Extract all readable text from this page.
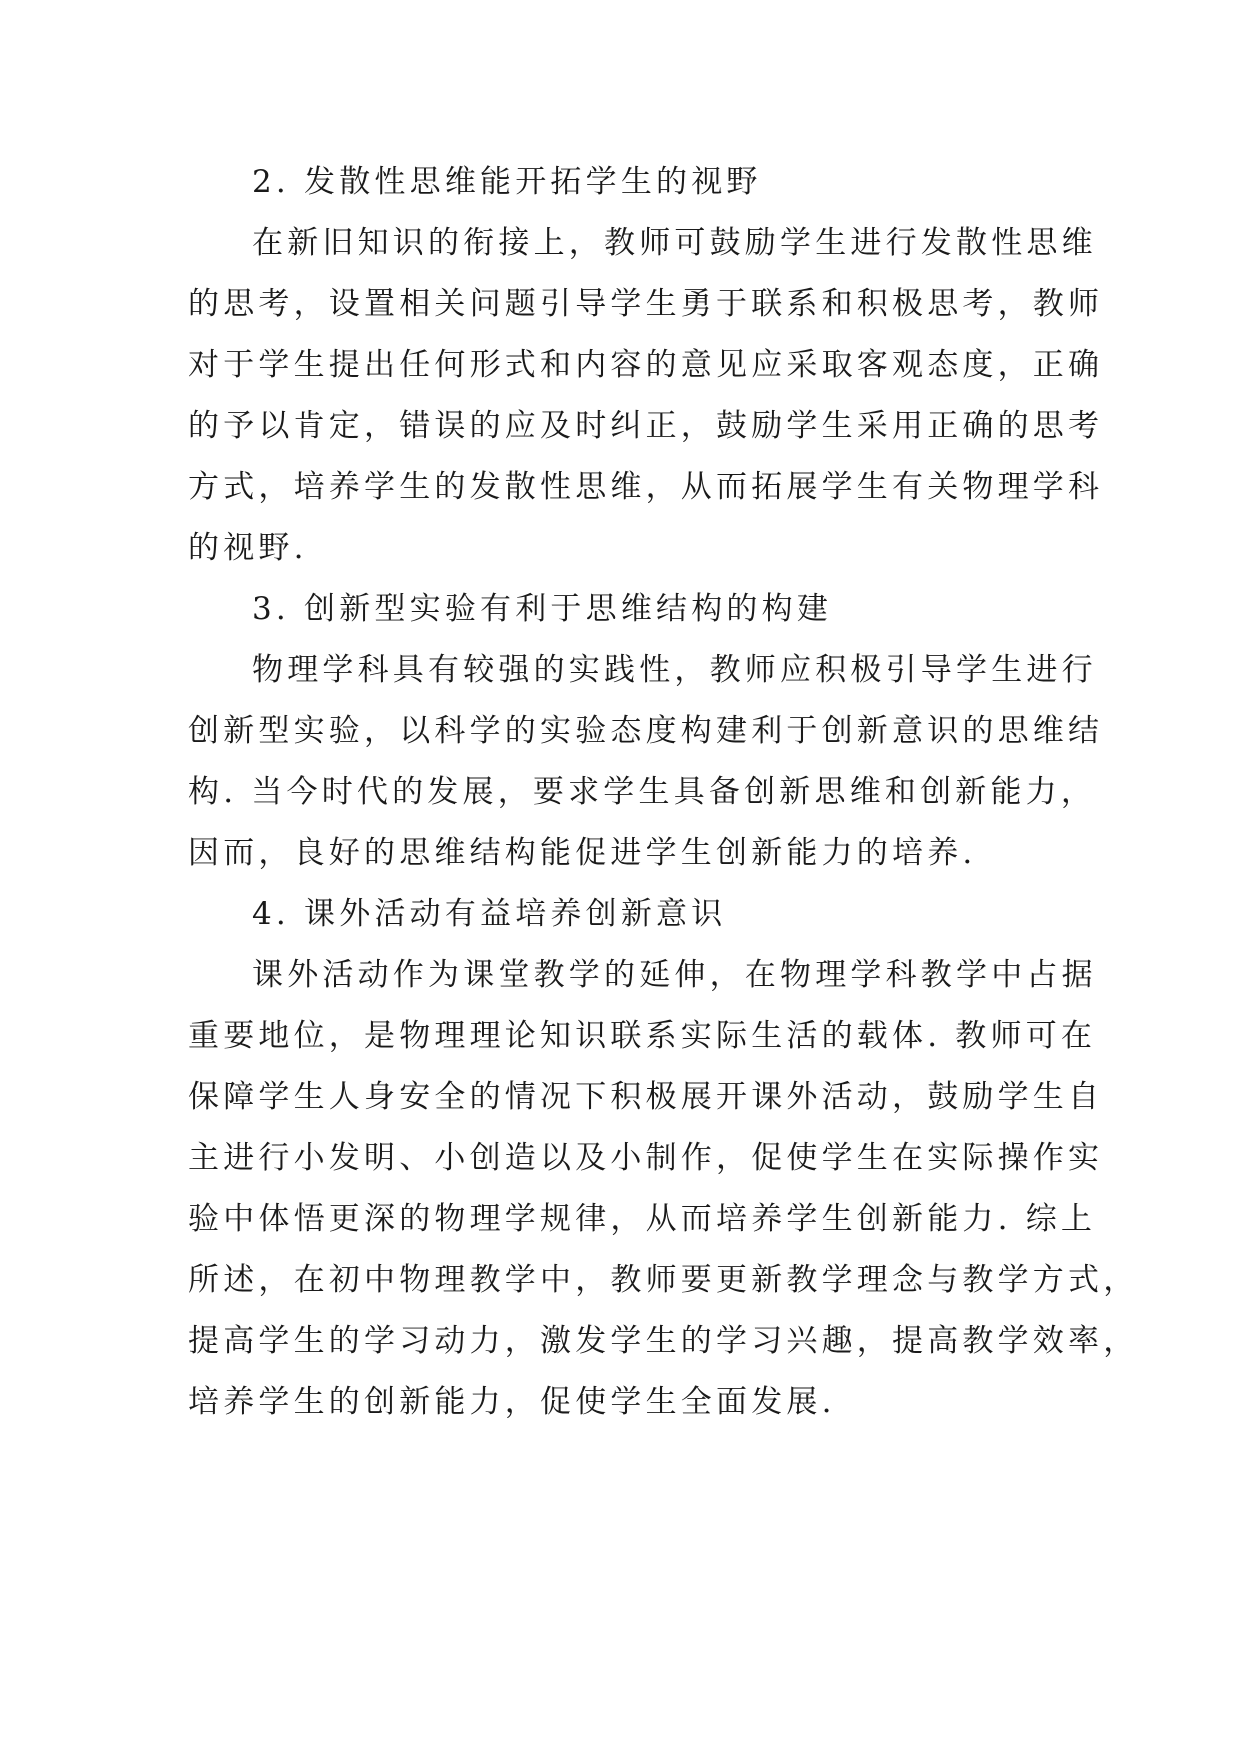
2. 发散性思维能开拓学生的视野
在新旧知识的衔接上，教师可鼓励学生进行发散性思维
的思考，设置相关问题引导学生勇于联系和积极思考，教师
对于学生提出任何形式和内容的意见应采取客观态度，正确
的予以肯定，错误的应及时纠正，鼓励学生采用正确的思考
方式，培养学生的发散性思维，从而拓展学生有关物理学科
的视野.
3. 创新型实验有利于思维结构的构建
物理学科具有较强的实践性，教师应积极引导学生进行
创新型实验，以科学的实验态度构建利于创新意识的思维结
构. 当今时代的发展，要求学生具备创新思维和创新能力，
因而，良好的思维结构能促进学生创新能力的培养.
4. 课外活动有益培养创新意识
课外活动作为课堂教学的延伸，在物理学科教学中占据
重要地位，是物理理论知识联系实际生活的载体. 教师可在
保障学生人身安全的情况下积极展开课外活动，鼓励学生自
主进行小发明、小创造以及小制作，促使学生在实际操作实
验中体悟更深的物理学规律，从而培养学生创新能力. 综上
所述，在初中物理教学中，教师要更新教学理念与教学方式，
提高学生的学习动力，激发学生的学习兴趣，提高教学效率，
培养学生的创新能力，促使学生全面发展.
